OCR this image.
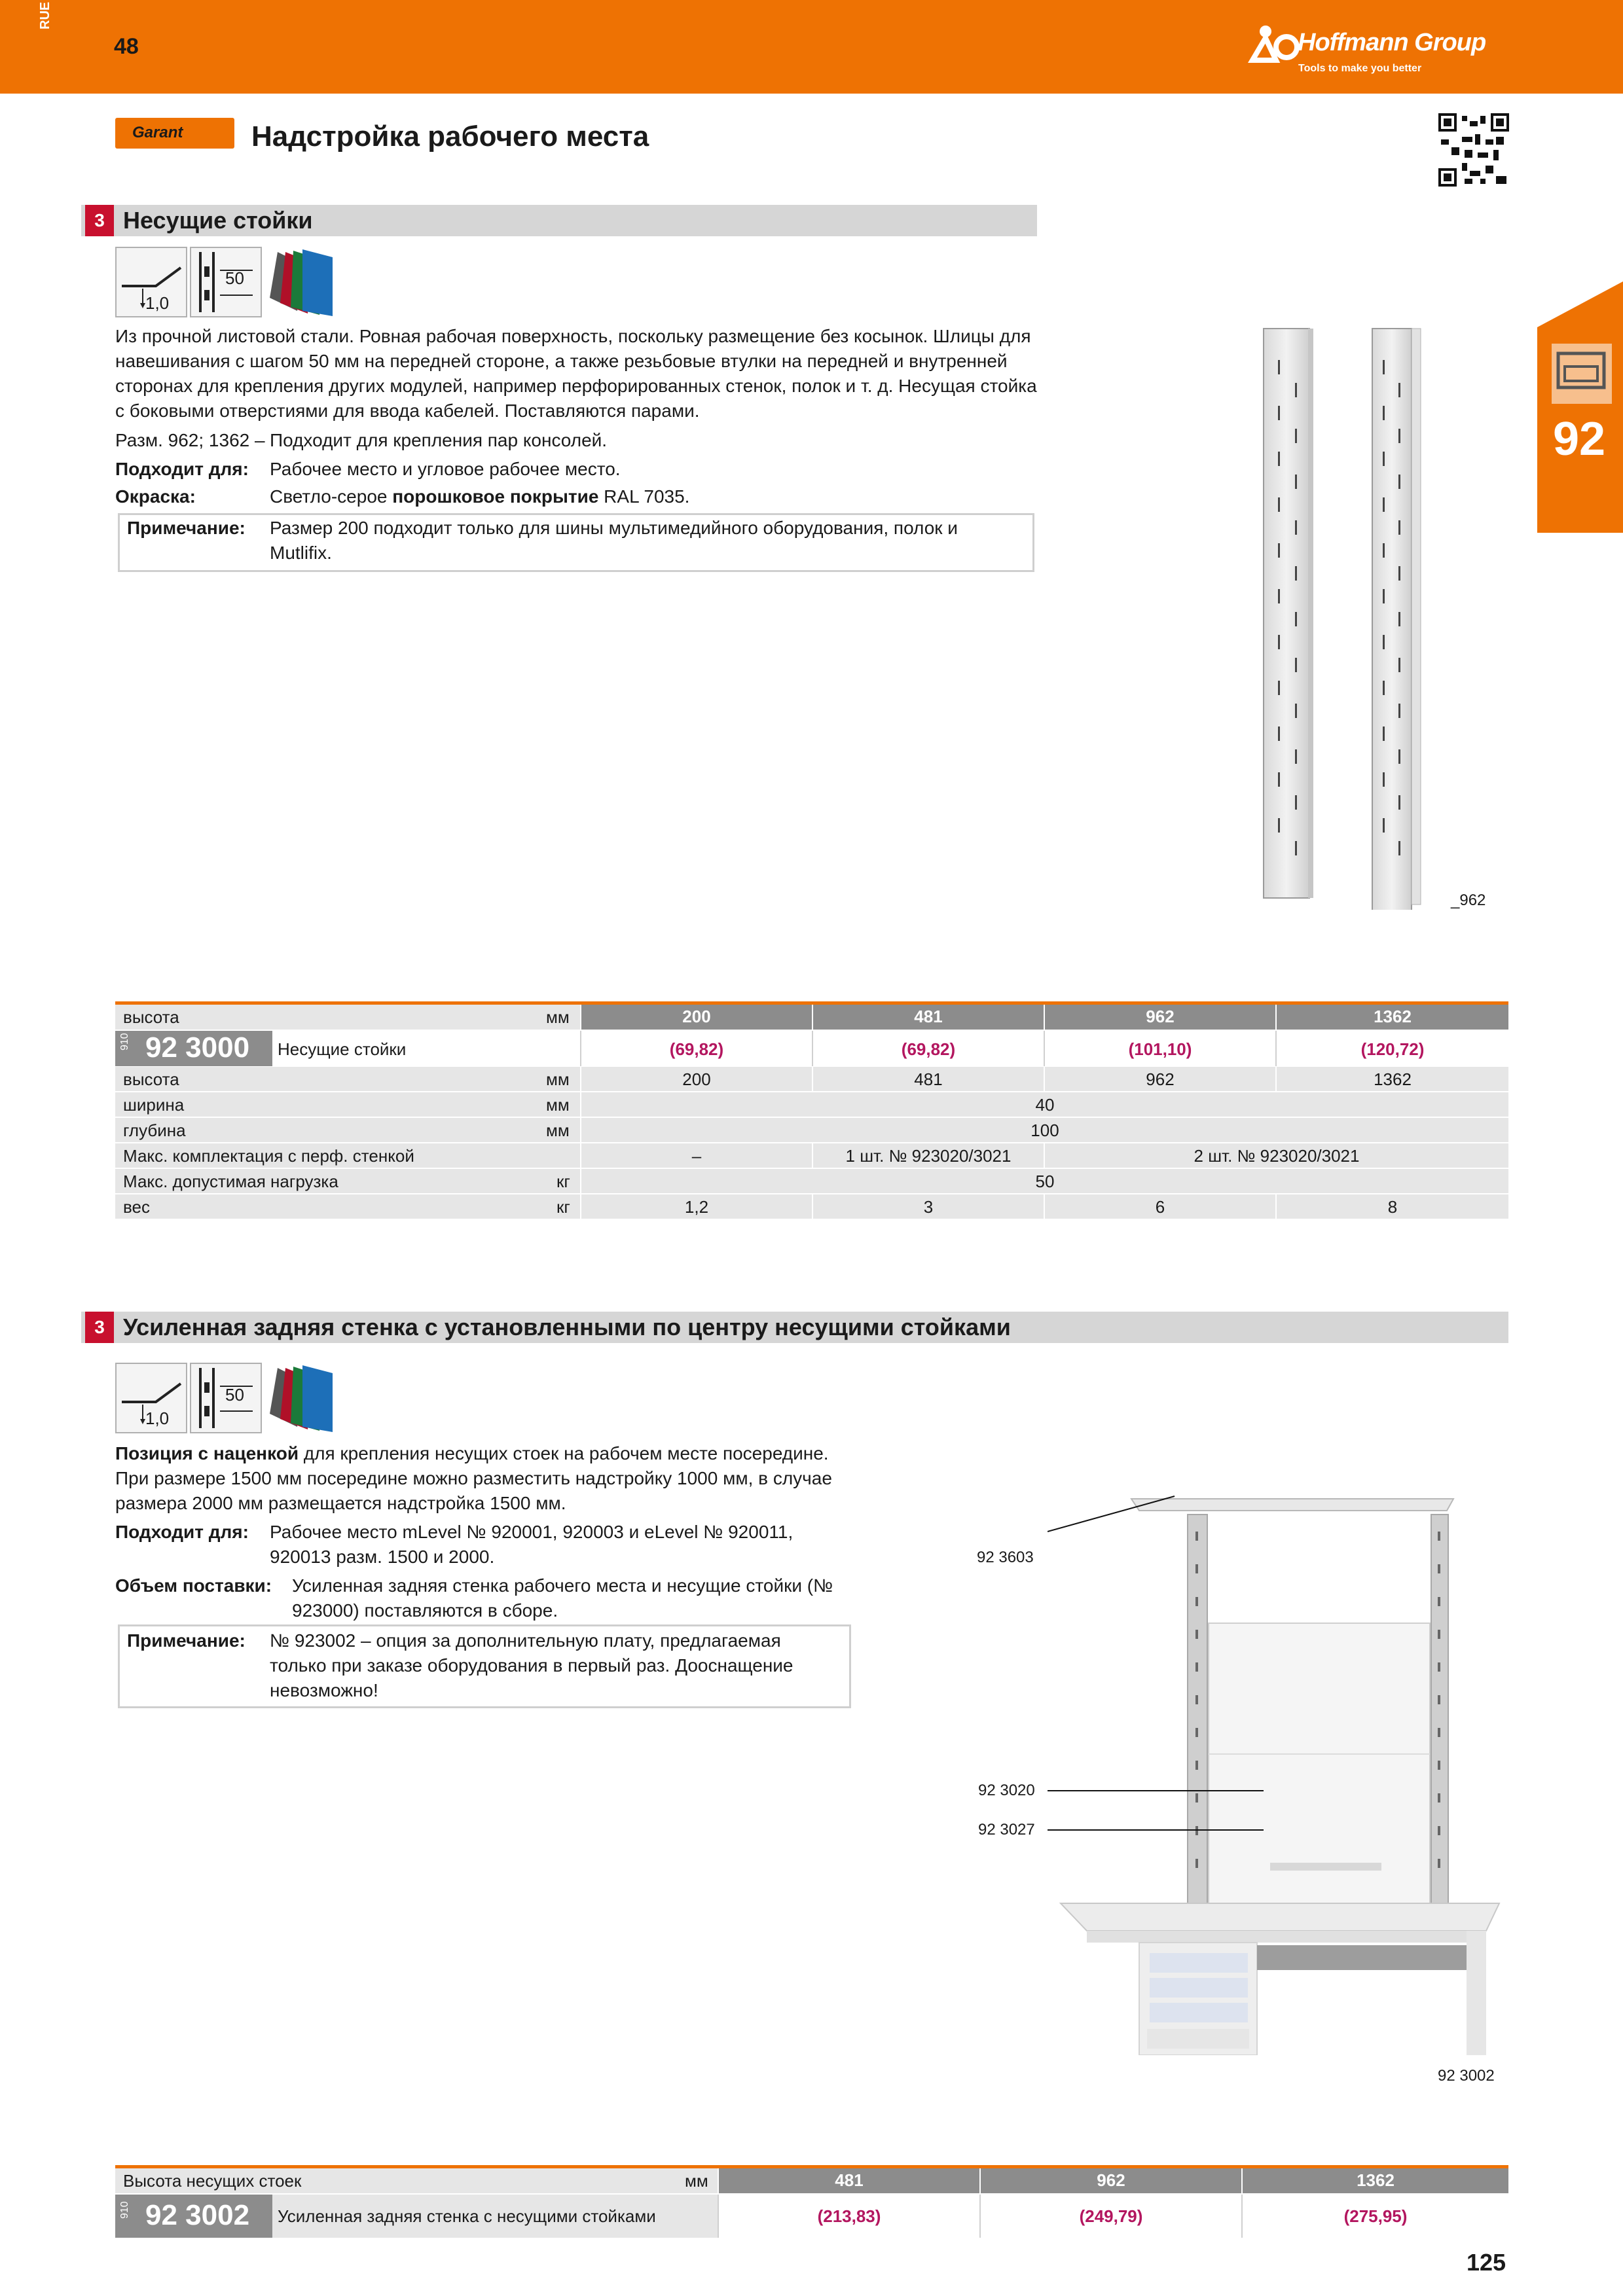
RUE
48	Hoffmann Group
Tools to make you better
Garant Надстройка рабочего места
92
3 Несущие стойки
1,0
50
Из прочной листовой стали. Ровная рабочая поверхность, поскольку размещение без косынок. Шлицы для навешивания с шагом 50 мм на передней стороне, а также резьбовые втулки на передней и внутренней сторонах для крепления других модулей, например перфорированных стенок, полок и т. д. Несущая стойка с боковыми отверстиями для ввода кабелей. Поставляются парами.
Разм. 962; 1362 – Подходит для крепления пар консолей.
Подходит для: Рабочее место и угловое рабочее место.
Окраска:	Светло-серое порошковое покрытие RAL 7035.
Примечание: Размер 200 подходит только для шины мультимедийного оборудования, полок и Mutlifix.
_962
высота	мм	200	481	962	1362
910 92 3000 Несущие стойки	(69,82)	(69,82)	(101,10)	(120,72)
высота	мм	200	481	962	1362
ширина	мм	40
глубина	мм	100
Макс. комплектация с перф. стенкой	–	1 шт. № 923020/3021	2 шт. № 923020/3021
Макс. допустимая нагрузка	кг	50
вес	кг	1,2	3	6	8
3 Усиленная задняя стенка с установленными по центру несущими стойками
1,0
50
Позиция с наценкой для крепления несущих стоек на рабочем месте посередине.
При размере 1500 мм посередине можно разместить надстройку 1000 мм, в случае размера 2000 мм размещается надстройка 1500 мм.
Подходит для: Рабочее место mLevel № 920001, 920003 и eLevel № 920011, 920013 разм. 1500 и 2000.
Объем поставки: Усиленная задняя стенка рабочего места и несущие стойки (№ 923000) поставляются в сборе.
Примечание: № 923002 – опция за дополнительную плату, предлагаемая только при заказе оборудования в первый раз. Дооснащение невозможно!
92 3603
92 3020
92 3027
92 3002
Высота несущих стоек	мм	481	962	1362
910 92 3002 Усиленная задняя стенка с несущими стойками	(213,83)	(249,79)	(275,95)
125
